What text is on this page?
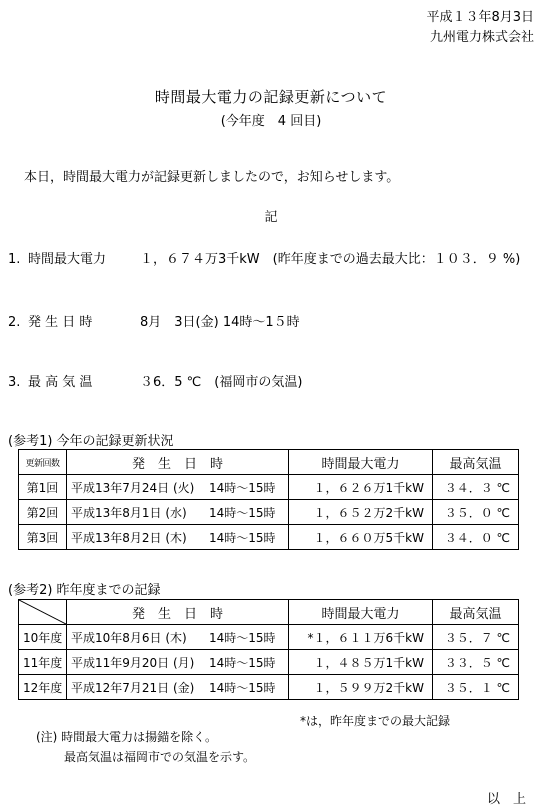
平成１３年8月3日
九州電力株式会社
時間最大電力の記録更新について
(今年度　4 回目)
本日，時間最大電力が記録更新しましたので，お知らせします。
記
1. 時間最大電力	１，６７４万3千kW　(昨年度までの過去最大比：１０３．９ %)
2. 発 生 日 時	8月　3日(金) 14時～1５時
3. 最 高 気 温	３6．5 ℃　(福岡市の気温)
(参考1) 今年の記録更新状況
更新回数	発　生　日　時	時間最大電力	最高気温
第1回	平成13年7月24日 (火) 14時～15時	１，６２６万1千kW	３４．３ ℃
第2回	平成13年8月1日 (水) 14時～15時	１，６５２万2千kW	３５．０ ℃
第3回	平成13年8月2日 (木) 14時～15時	１，６６０万5千kW	３４．０ ℃
(参考2) 昨年度までの記録
	発　生　日　時	時間最大電力	最高気温
10年度	平成10年8月6日 (木) 14時～15時	*１，６１１万6千kW	３５．７ ℃
11年度	平成11年9月20日 (月) 14時～15時	１，４８５万1千kW	３３．５ ℃
12年度	平成12年7月21日 (金) 14時～15時	１，５９９万2千kW	３５．１ ℃
*は，昨年度までの最大記録
(注) 時間最大電力は揚錨を除く。
最高気温は福岡市での気温を示す。
以　上
